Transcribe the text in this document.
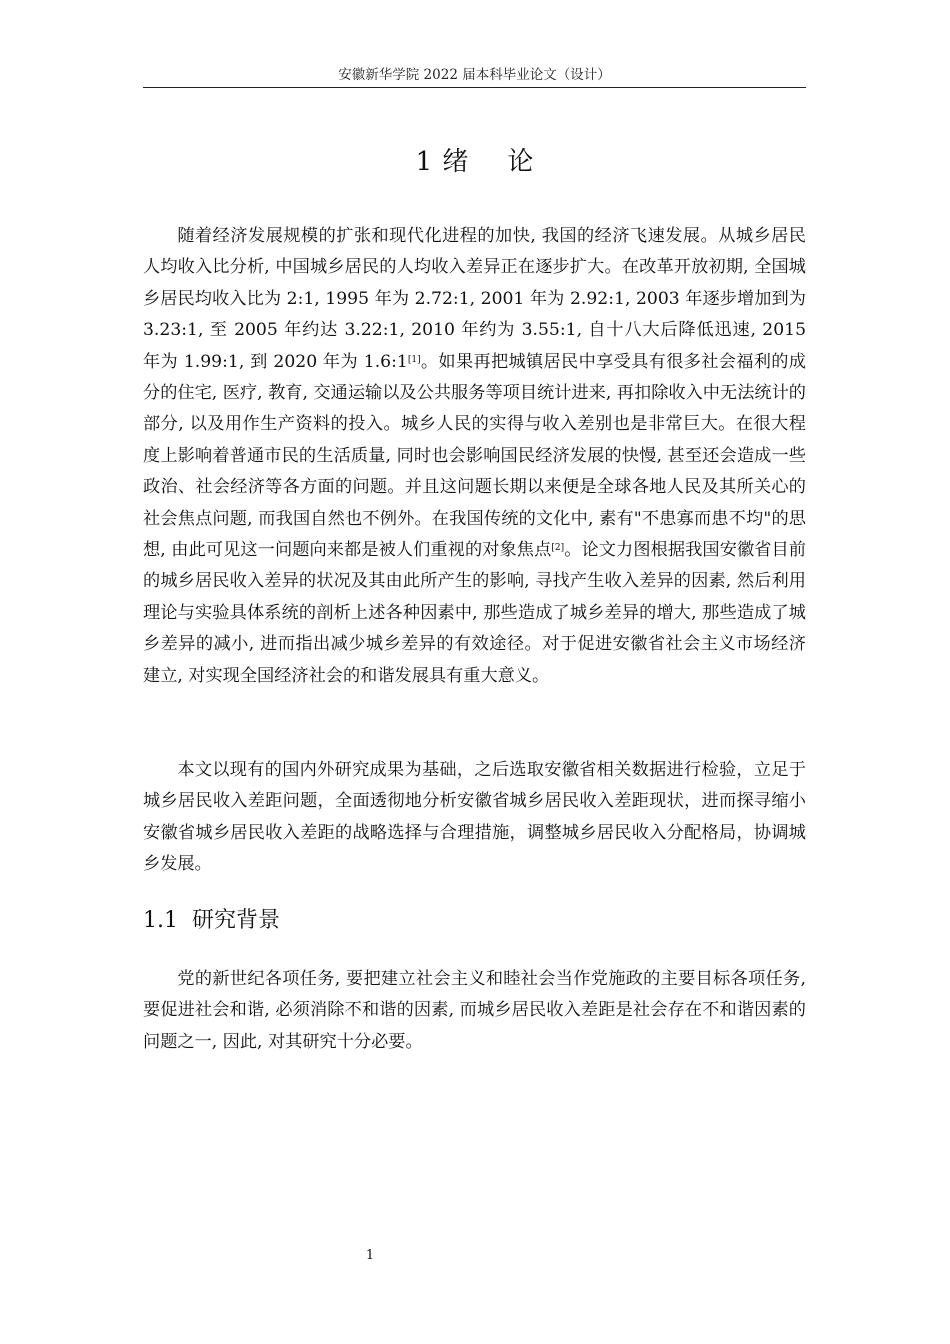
安徽新华学院 2022 届本科毕业论文（设计）
1 绪 论

随着经济发展规模的扩张和现代化进程的加快, 我国的经济飞速发展。从城乡居民人均收入比分析, 中国城乡居民的人均收入差异正在逐步扩大。在改革开放初期, 全国城乡居民均收入比为 2:1, 1995 年为 2.72:1, 2001 年为 2.92:1, 2003 年逐步增加到为 3.23:1, 至 2005 年约达 3.22:1, 2010 年约为 3.55:1, 自十八大后降低迅速, 2015 年为 1.99:1, 到 2020 年为 1.6:1[1]。如果再把城镇居民中享受具有很多社会福利的成分的住宅, 医疗, 教育, 交通运输以及公共服务等项目统计进来, 再扣除收入中无法统计的部分, 以及用作生产资料的投入。城乡人民的实得与收入差别也是非常巨大。在很大程度上影响着普通市民的生活质量, 同时也会影响国民经济发展的快慢, 甚至还会造成一些政治、社会经济等各方面的问题。并且这问题长期以来便是全球各地人民及其所关心的社会焦点问题, 而我国自然也不例外。在我国传统的文化中, 素有"不患寡而患不均"的思想, 由此可见这一问题向来都是被人们重视的对象焦点[2]。论文力图根据我国安徽省目前的城乡居民收入差异的状况及其由此所产生的影响, 寻找产生收入差异的因素, 然后利用理论与实验具体系统的剖析上述各种因素中, 那些造成了城乡差异的增大, 那些造成了城乡差异的减小, 进而指出减少城乡差异的有效途径。对于促进安徽省社会主义市场经济建立, 对实现全国经济社会的和谐发展具有重大意义。

本文以现有的国内外研究成果为基础，之后选取安徽省相关数据进行检验，立足于城乡居民收入差距问题，全面透彻地分析安徽省城乡居民收入差距现状，进而探寻缩小安徽省城乡居民收入差距的战略选择与合理措施，调整城乡居民收入分配格局，协调城乡发展。

1.1 研究背景

党的新世纪各项任务, 要把建立社会主义和睦社会当作党施政的主要目标各项任务, 要促进社会和谐, 必须消除不和谐的因素, 而城乡居民收入差距是社会存在不和谐因素的问题之一, 因此, 对其研究十分必要。

1
